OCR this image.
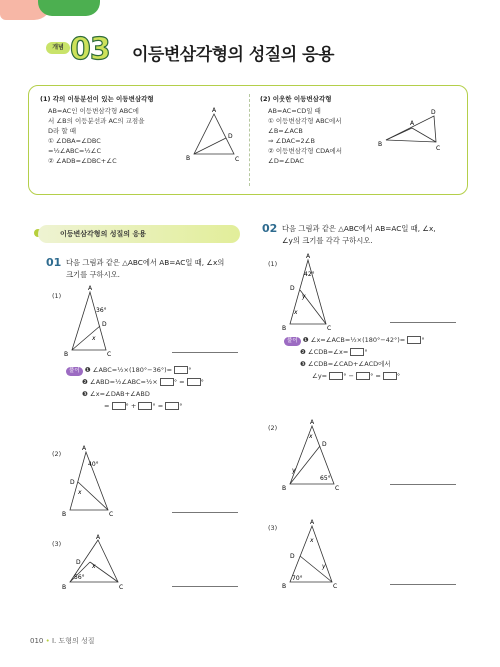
개념 03 이등변삼각형의 성질의 응용
(1) 각의 이등분선이 있는 이등변삼각형
AB=AC인 이등변삼각형 ABC에
서 ∠B의 이등분선과 AC의 교점을
D라 할 때
① ∠DBA=∠DBC
=½∠ABC=½∠C
② ∠ADB=∠DBC+∠C
A
B	C
D
(2) 이웃한 이등변삼각형
AB=AC=CD일 때
① 이등변삼각형 ABC에서
∠B=∠ACB
⇒ ∠DAC=2∠B
② 이등변삼각형 CDA에서
∠D=∠DAC
A
B
C
D
이등변삼각형의 성질의 응용
01 다음 그림과 같은 △ABC에서 AB=AC일 때, ∠x의
크기를 구하시오.
(1)
A
36°
D
x
B	C
풀이 ❶ ∠ABC=½×(180°−36°)= °
❷ ∠ABD=½∠ABC=½× ° = °
❸ ∠x=∠DAB+∠ABD
= ° + ° = °
(2)
A
40°
D
x
B	C
(3)
A
D
x
56°
B	C
02 다음 그림과 같은 △ABC에서 AB=AC일 때, ∠x,
∠y의 크기를 각각 구하시오.
(1)
A
42°
D
y
x
B	C
풀이 ❶ ∠x=∠ACB=½×(180°−42°)= °
❷ ∠CDB=∠x= °
❸ ∠CDB=∠CAD+∠ACD에서
∠y= ° − ° = °
(2)
A
x
D
y
65°
B	C
(3)
A
x
D
y
70°
B	C
010 • I. 도형의 성질
